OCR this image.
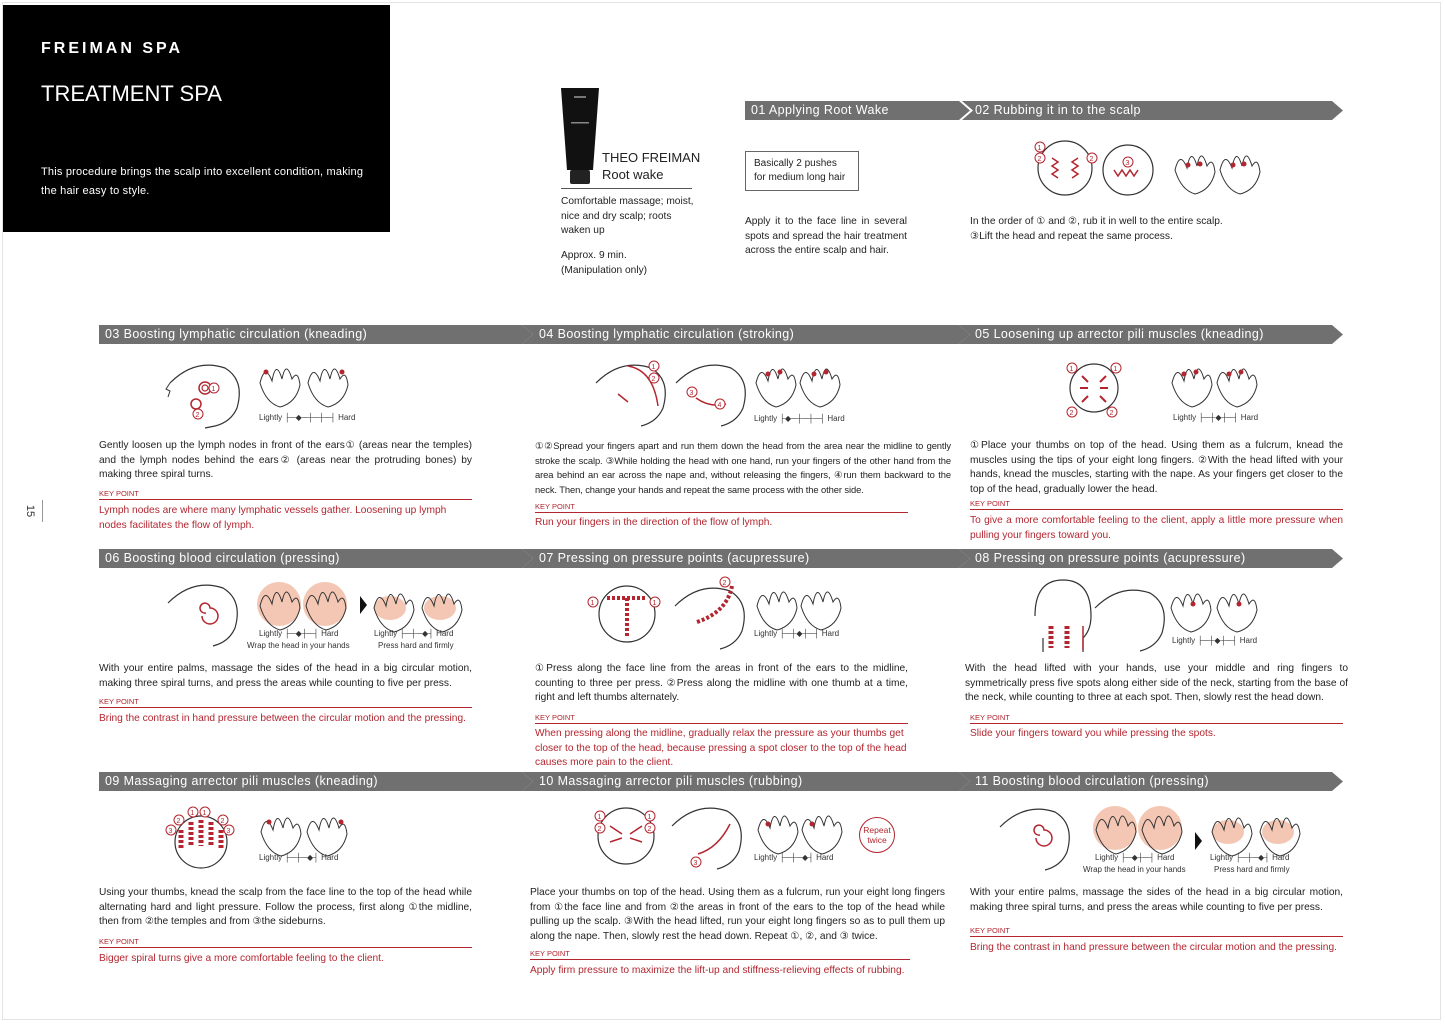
FREIMAN SPA
TREATMENT SPA
This procedure brings the scalp into excellent condition, making the hair easy to style.
15
THEO FREIMAN
Root wake
Comfortable massage; moist, nice and dry scalp; roots waken up
Approx. 9 min.
(Manipulation only)
01 Applying Root Wake	02 Rubbing it in to the scalp
03 Boosting lymphatic circulation (kneading)	04 Boosting lymphatic circulation (stroking)	05 Loosening up arrector pili muscles (kneading)
06 Boosting blood circulation (pressing)	07 Pressing on pressure points (acupressure)	08 Pressing on pressure points (acupressure)
09 Massaging arrector pili muscles (kneading)	10 Massaging arrector pili muscles (rubbing)	11 Boosting blood circulation (pressing)
Basically 2 pushes for medium long hair
Apply it to the face line in several spots and spread the hair treatment across the entire scalp and hair.
2
1
2
3
In the order of ① and ②, rub it in well to the entire scalp. ③Lift the head and repeat the same process.
1
2	Lightly ├─◆─┼─┼─┤ Hard
Gently loosen up the lymph nodes in front of the ears① (areas near the temples) and the lymph nodes behind the ears② (areas near the protruding bones) by making three spiral turns.
KEY POINT
Lymph nodes are where many lymphatic vessels gather. Loosening up lymph nodes facilitates the flow of lymph.
1
2
3
4
Lightly ├◆─┼─┼─┤ Hard
①②Spread your fingers apart and run them down the head from the area near the midline to gently stroke the scalp. ③While holding the head with one hand, run your fingers of the other hand from the area behind an ear across the nape and, without releasing the fingers, ④run them backward to the neck. Then, change your hands and repeat the same process with the other side.
KEY POINT
Run your fingers in the direction of the flow of lymph.
1	1
2	2	Lightly ├─┼◆┼─┤ Hard
①Place your thumbs on top of the head. Using them as a fulcrum, knead the muscles using the tips of your eight long fingers. ②With the head lifted with your hands, knead the muscles, starting with the nape. As your fingers get closer to the top of the head, gradually lower the head.
KEY POINT
To give a more comfortable feeling to the client, apply a little more pressure when pulling your fingers toward you.
Lightly ├─◆┼─┤ Hard
Wrap the head in your hands
Lightly ├─┼─◆┤ Hard
Press hard and firmly
With your entire palms, massage the sides of the head in a big circular motion, making three spiral turns, and press the areas while counting to five per press.
KEY POINT
Bring the contrast in hand pressure between the circular motion and the pressing.
1	1
2
Lightly ├─┼◆┼─┤ Hard
①Press along the face line from the areas in front of the ears to the midline, counting to three per press. ②Press along the midline with one thumb at a time, right and left thumbs alternately.
KEY POINT
When pressing along the midline, gradually relax the pressure as your thumbs get closer to the top of the head, because pressing a spot closer to the top of the head causes more pain to the client.
Lightly ├─┼◆┼─┤ Hard
With the head lifted with your hands, use your middle and ring fingers to symmetrically press five spots along either side of the neck, starting from the base of the neck, while counting to three at each spot. Then, slowly rest the head down.
KEY POINT
Slide your fingers toward you while pressing the spots.
1 1
2	2
3	3
Lightly ├─┼─◆┤ Hard
Using your thumbs, knead the scalp from the face line to the top of the head while alternating hard and light pressure. Follow the process, first along ①the midline, then from ②the temples and from ③the sideburns.
KEY POINT
Bigger spiral turns give a more comfortable feeling to the client.
1
2
1
2
3
Lightly ├─┼─◆┤ Hard
Repeat twice
Place your thumbs on top of the head. Using them as a fulcrum, run your eight long fingers from ①the face line and from ②the areas in front of the ears to the top of the head while pulling up the scalp. ③With the head lifted, run your eight long fingers so as to pull them up along the nape. Then, slowly rest the head down. Repeat ①, ②, and ③ twice.
KEY POINT
Apply firm pressure to maximize the lift-up and stiffness-relieving effects of rubbing.
Lightly ├─◆┼─┤ Hard
Wrap the head in your hands
Lightly ├─┼─◆┤ Hard
Press hard and firmly
With your entire palms, massage the sides of the head in a big circular motion, making three spiral turns, and press the areas while counting to five per press.
KEY POINT
Bring the contrast in hand pressure between the circular motion and the pressing.
